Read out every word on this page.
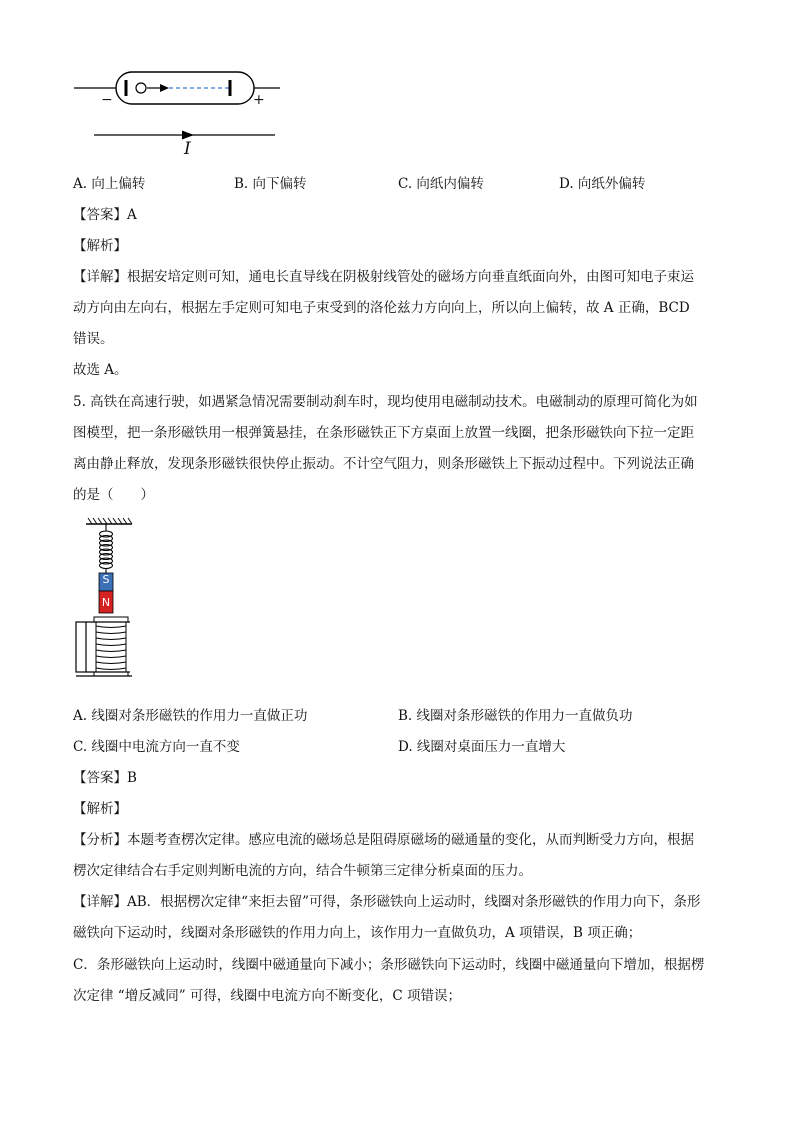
−	+
I
A. 向上偏转	B. 向下偏转	C. 向纸内偏转	D. 向纸外偏转
【答案】A
【解析】
【详解】根据安培定则可知，通电长直导线在阴极射线管处的磁场方向垂直纸面向外，由图可知电子束运
动方向由左向右，根据左手定则可知电子束受到的洛伦兹力方向向上，所以向上偏转，故 A 正确，BCD
错误。
故选 A。
5. 高铁在高速行驶，如遇紧急情况需要制动刹车时，现均使用电磁制动技术。电磁制动的原理可简化为如
图模型，把一条形磁铁用一根弹簧悬挂，在条形磁铁正下方桌面上放置一线圈，把条形磁铁向下拉一定距
离由静止释放，发现条形磁铁很快停止振动。不计空气阻力，则条形磁铁上下振动过程中。下列说法正确
的是（　　）
S
N
A. 线圈对条形磁铁的作用力一直做正功	B. 线圈对条形磁铁的作用力一直做负功
C. 线圈中电流方向一直不变	D. 线圈对桌面压力一直增大
【答案】B
【解析】
【分析】本题考查楞次定律。感应电流的磁场总是阻碍原磁场的磁通量的变化，从而判断受力方向，根据
楞次定律结合右手定则判断电流的方向，结合牛顿第三定律分析桌面的压力。
【详解】AB．根据楞次定律“来拒去留”可得，条形磁铁向上运动时，线圈对条形磁铁的作用力向下，条形
磁铁向下运动时，线圈对条形磁铁的作用力向上，该作用力一直做负功，A 项错误，B 项正确；
C．条形磁铁向上运动时，线圈中磁通量向下减小；条形磁铁向下运动时，线圈中磁通量向下增加，根据楞
次定律 “增反减同” 可得，线圈中电流方向不断变化，C 项错误；
